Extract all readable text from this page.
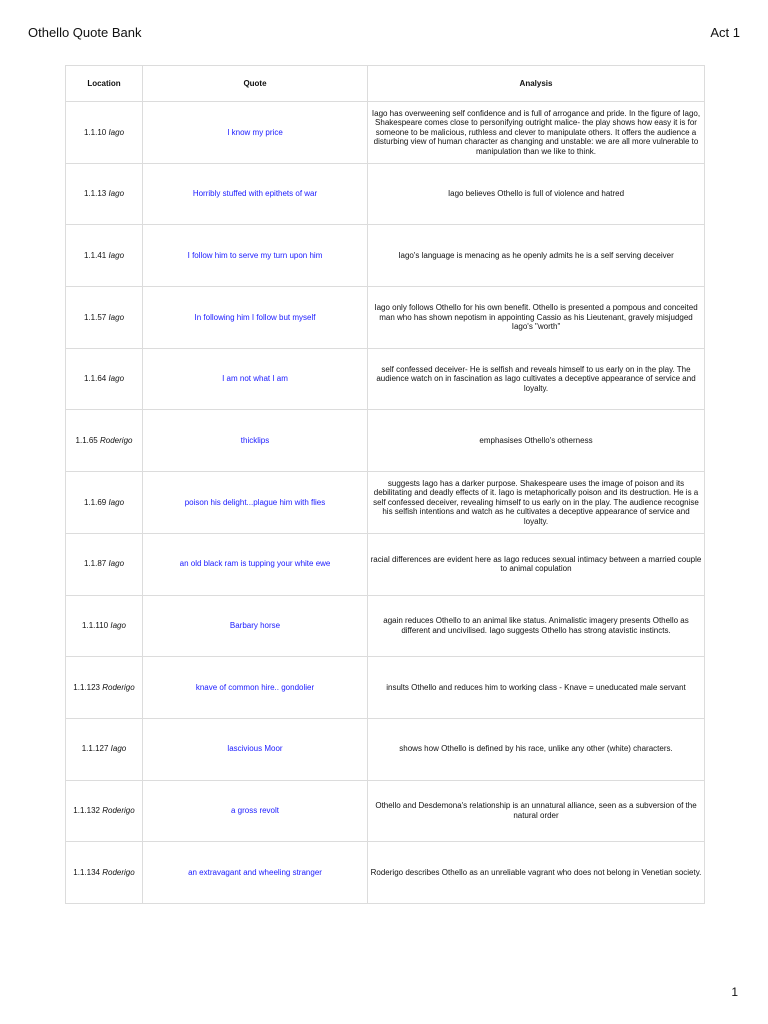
Othello Quote Bank	Act 1
Location	Quote	Analysis
1.1.10 Iago	I know my price	Iago has overweening self confidence and is full of arrogance and pride. In the figure of Iago, Shakespeare comes close to personifying outright malice- the play shows how easy it is for someone to be malicious, ruthless and clever to manipulate others. It offers the audience a disturbing view of human character as changing and unstable: we are all more vulnerable to manipulation than we like to think.
1.1.13 Iago	Horribly stuffed with epithets of war	Iago believes Othello is full of violence and hatred
1.1.41 Iago	I follow him to serve my turn upon him	Iago's language is menacing as he openly admits he is a self serving deceiver
1.1.57 Iago	In following him I follow but myself	Iago only follows Othello for his own benefit. Othello is presented a pompous and conceited man who has shown nepotism in appointing Cassio as his Lieutenant, gravely misjudged Iago's "worth"
1.1.64 Iago	I am not what I am	self confessed deceiver- He is selfish and reveals himself to us early on in the play. The audience watch on in fascination as Iago cultivates a deceptive appearance of service and loyalty.
1.1.65 Roderigo	thicklips	emphasises Othello's otherness
1.1.69 Iago	poison his delight...plague him with flies	suggests Iago has a darker purpose. Shakespeare uses the image of poison and its debilitating and deadly effects of it. Iago is metaphorically poison and its destruction. He is a self confessed deceiver, revealing himself to us early on in the play. The audience recognise his selfish intentions and watch as he cultivates a deceptive appearance of service and loyalty.
1.1.87 Iago	an old black ram is tupping your white ewe	racial differences are evident here as Iago reduces sexual intimacy between a married couple to animal copulation
1.1.110 Iago	Barbary horse	again reduces Othello to an animal like status. Animalistic imagery presents Othello as different and uncivilised. Iago suggests Othello has strong atavistic instincts.
1.1.123 Roderigo	knave of common hire.. gondolier	insults Othello and reduces him to working class - Knave = uneducated male servant
1.1.127 Iago	lascivious Moor	shows how Othello is defined by his race, unlike any other (white) characters.
1.1.132 Roderigo	a gross revolt	Othello and Desdemona's relationship is an unnatural alliance, seen as a subversion of the natural order
1.1.134 Roderigo	an extravagant and wheeling stranger	Roderigo describes Othello as an unreliable vagrant who does not belong in Venetian society.
1
